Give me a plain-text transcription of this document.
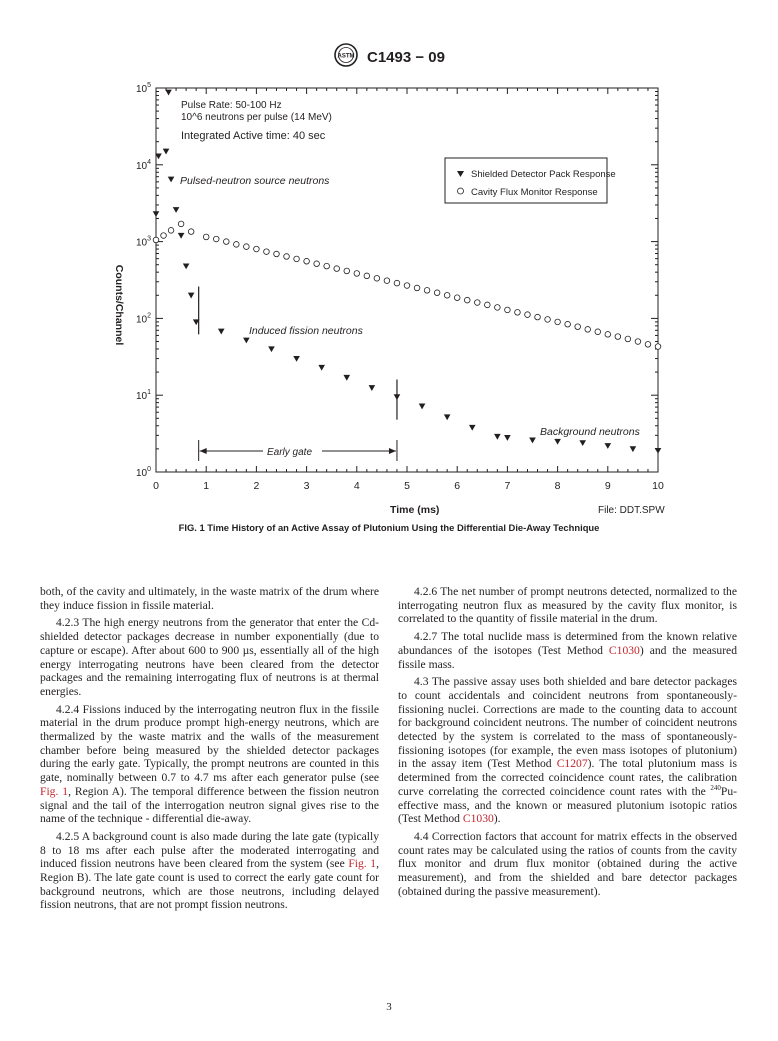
ASTM C1493 − 09
0	1	2	3	4	5	6	7	8	9	10
$10^0$
$10^1$
$10^2$
$10^3$
$10^4$
$10^5$
Pulse Rate: 50-100 Hz
10^6 neutrons per pulse (14 MeV)
Integrated Active time: 40 sec
Pulsed-neutron source neutrons
Induced fission neutrons
Background neutrons
Early gate
File: DDT.SPW
Time (ms)
Counts/Channel
Shielded Detector Pack Response
Cavity Flux Monitor Response
FIG. 1 Time History of an Active Assay of Plutonium Using the Differential Die-Away Technique

both, of the cavity and ultimately, in the waste matrix of the drum where they induce fission in fissile material.

4.2.3 The high energy neutrons from the generator that enter the Cd-shielded detector packages decrease in number exponentially (due to capture or escape). After about 600 to 900 µs, essentially all of the high energy interrogating neutrons have been cleared from the detector packages and the remaining interrogating flux of neutrons is at thermal energies.

4.2.4 Fissions induced by the interrogating neutron flux in the fissile material in the drum produce prompt high-energy neutrons, which are thermalized by the waste matrix and the walls of the measurement chamber before being measured by the shielded detector packages during the early gate. Typically, the prompt neutrons are counted in this gate, nominally between 0.7 to 4.7 ms after each generator pulse (see Fig. 1, Region A). The temporal difference between the fission neutron signal and the tail of the interrogation neutron signal gives rise to the name of the technique - differential die-away.

4.2.5 A background count is also made during the late gate (typically 8 to 18 ms after each pulse after the moderated interrogating and induced fission neutrons have been cleared from the system (see Fig. 1, Region B). The late gate count is used to correct the early gate count for background neutrons, which are those neutrons, including delayed fission neutrons, that are not prompt fission neutrons.

4.2.6 The net number of prompt neutrons detected, normalized to the interrogating neutron flux as measured by the cavity flux monitor, is correlated to the quantity of fissile material in the drum.

4.2.7 The total nuclide mass is determined from the known relative abundances of the isotopes (Test Method C1030) and the measured fissile mass.

4.3 The passive assay uses both shielded and bare detector packages to count accidentals and coincident neutrons from spontaneously-fissioning nuclei. Corrections are made to the counting data to account for background coincident neutrons. The number of coincident neutrons detected by the system is correlated to the mass of spontaneously-fissioning isotopes (for example, the even mass isotopes of plutonium) in the assay item (Test Method C1207). The total plutonium mass is determined from the corrected coincidence count rates, the calibration curve correlating the corrected coincidence count rates with the $^{240}$Pu-effective mass, and the known or measured plutonium isotopic ratios (Test Method C1030).

4.4 Correction factors that account for matrix effects in the observed count rates may be calculated using the ratios of counts from the cavity flux monitor and drum flux monitor (obtained during the active measurement), and from the shielded and bare detector packages (obtained during the passive measurement).

3
